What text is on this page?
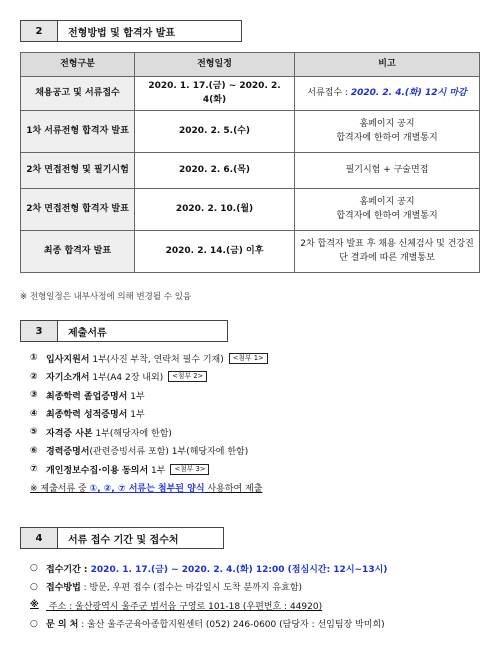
2	전형방법 및 합격자 발표
전형구분	전형일정	비고
채용공고 및 서류접수	2020. 1. 17.(금) ~ 2020. 2. 4(화)	서류접수 : 2020. 2. 4.(화) 12시 마감
1차 서류전형 합격자 발표	2020. 2. 5.(수)	홈페이지 공지
합격자에 한하여 개별통지
2차 면접전형 및 필기시험	2020. 2. 6.(목)	필기시험 + 구술면접
2차 면접전형 합격자 발표	2020. 2. 10.(월)	홈페이지 공지
합격자에 한하여 개별통지
최종 합격자 발표	2020. 2. 14.(금) 이후	2차 합격자 발표 후 채용 신체검사 및 건강진단 결과에 따른 개별통보
※ 전형일정은 내부사정에 의해 변경될 수 있음
3	제출서류
① 입사지원서 1부(사진 부착, 연락처 필수 기재)	<첨부 1>
② 자기소개서 1부(A4 2장 내외)	<첨부 2>
③ 최종학력 졸업증명서 1부
④ 최종학력 성적증명서 1부
⑤ 자격증 사본 1부(해당자에 한함)
⑥ 경력증명서 (관련증빙서류 포함) 1부(해당자에 한함)
⑦ 개인정보수집·이용 동의서 1부	<첨부 3>
※ 제출서류 중 ①, ②, ⑦ 서류는 첨부된 양식 사용하여 제출
4	서류 접수 기간 및 접수처
○ 접수기간 : 2020. 1. 17.(금) ~ 2020. 2. 4.(화) 12:00 (점심시간: 12시~13시)
○ 접수방법 : 방문, 우편 접수 (접수는 마감일시 도착 분까지 유효함)
※ 주소 : 울산광역시 울주군 범서읍 구영로 101-18 (우편번호 : 44920)
○ 문 의 처 : 울산 울주군육아종합지원센터 (052) 246-0600 (담당자 : 선임팀장 박미희)
